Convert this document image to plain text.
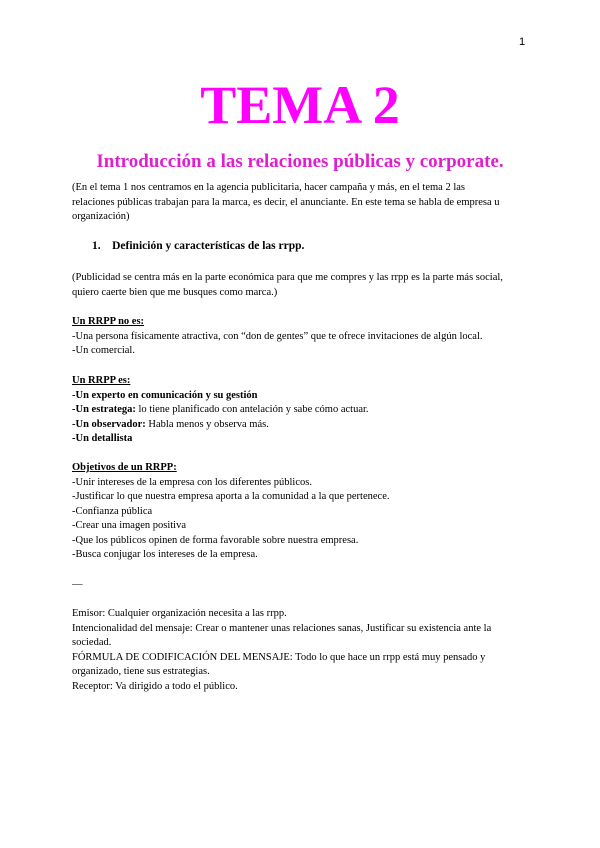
1
TEMA 2
Introducción a las relaciones públicas y corporate.
(En el tema 1 nos centramos en la agencia publicitaria, hacer campaña y más, en el tema 2 las
relaciones públicas trabajan para la marca, es decir, el anunciante. En este tema se habla de empresa u
organización)
1. Definición y características de las rrpp.
(Publicidad se centra más en la parte económica para que me compres y las rrpp es la parte más social,
quiero caerte bien que me busques como marca.)
Un RRPP no es:
-Una persona físicamente atractiva, con “don de gentes” que te ofrece invitaciones de algún local.
-Un comercial.
Un RRPP es:
-Un experto en comunicación y su gestión
-Un estratega: lo tiene planificado con antelación y sabe cómo actuar.
-Un observador: Habla menos y observa más.
-Un detallista
Objetivos de un RRPP:
-Unir intereses de la empresa con los diferentes públicos.
-Justificar lo que nuestra empresa aporta a la comunidad a la que pertenece.
-Confianza pública
-Crear una imagen positiva
-Que los públicos opinen de forma favorable sobre nuestra empresa.
-Busca conjugar los intereses de la empresa.
—
Emisor: Cualquier organización necesita a las rrpp.
Intencionalidad del mensaje: Crear o mantener unas relaciones sanas, Justificar su existencia ante la
sociedad.
FÓRMULA DE CODIFICACIÓN DEL MENSAJE: Todo lo que hace un rrpp está muy pensado y
organizado, tiene sus estrategias.
Receptor: Va dirigido a todo el público.
